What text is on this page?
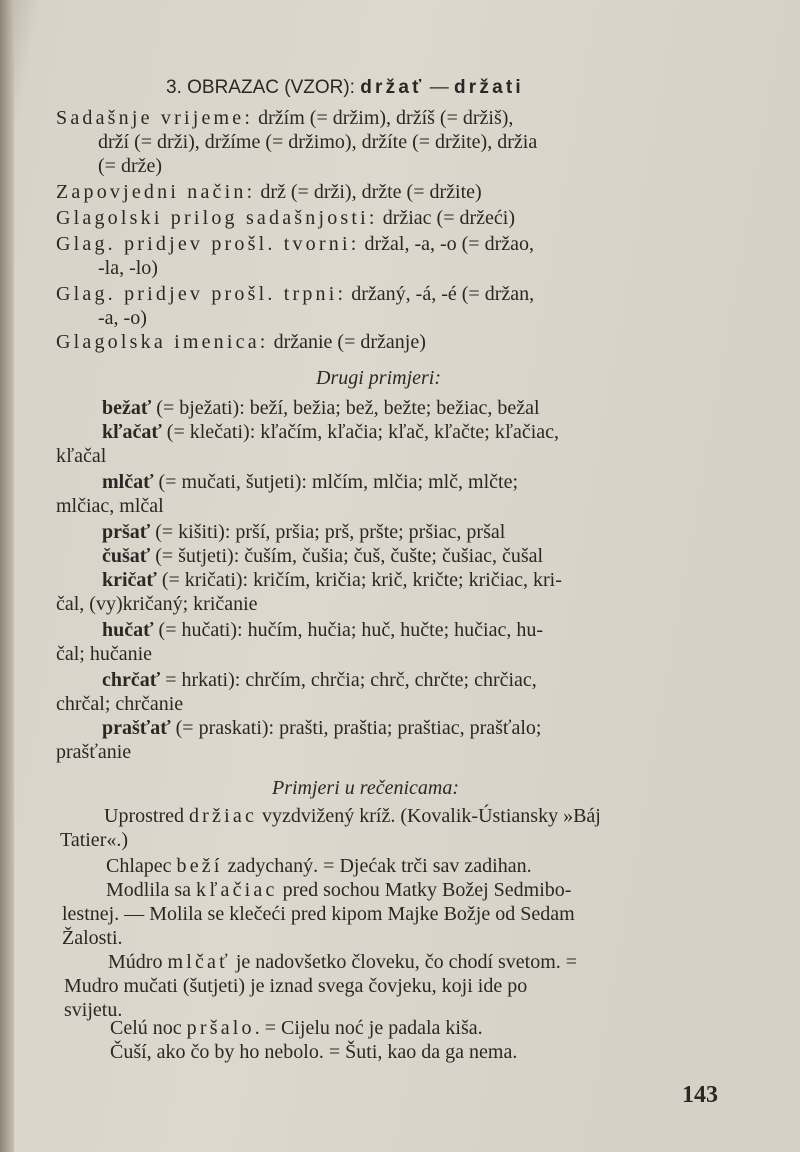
3. OBRAZAC (VZOR): držať — držati
Sadašnje vrijeme: držím (= držim), držíš (= držiš),
drží (= drži), držíme (= držimo), držíte (= držite), držia
(= drže)
Zapovjedni način: drž (= drži), držte (= držite)
Glagolski prilog sadašnjosti: držiac (= držeći)
Glag. pridjev prošl. tvorni: držal, -a, -o (= držao,
-la, -lo)
Glag. pridjev prošl. trpni: držaný, -á, -é (= držan,
-a, -o)
Glagolska imenica: držanie (= držanje)
Drugi primjeri:
bežať (= bježati): beží, bežia; bež, bežte; bežiac, bežal
kľačať (= klečati): kľačím, kľačia; kľač, kľačte; kľačiac,
kľačal
mlčať (= mučati, šutjeti): mlčím, mlčia; mlč, mlčte;
mlčiac, mlčal
pršať (= kišiti): prší, pršia; prš, pršte; pršiac, pršal
čušať (= šutjeti): čuším, čušia; čuš, čušte; čušiac, čušal
kričať (= kričati): kričím, kričia; krič, kričte; kričiac, kri-
čal, (vy)kričaný; kričanie
hučať (= hučati): hučím, hučia; huč, hučte; hučiac, hu-
čal; hučanie
chrčať = hrkati): chrčím, chrčia; chrč, chrčte; chrčiac,
chrčal; chrčanie
prašťať (= praskati): prašti, praštia; praštiac, prašťalo;
prašťanie
Primjeri u rečenicama:
Uprostred držiac vyzdvižený kríž. (Kovalik-Ústiansky »Báj
Tatier«.)
Chlapec beží zadychaný. = Djećak trči sav zadihan.
Modlila sa kľačiac pred sochou Matky Božej Sedmibo-
lestnej. — Molila se klečeći pred kipom Majke Božje od Sedam
Žalosti.
Múdro mlčať je nadovšetko človeku, čo chodí svetom. =
Mudro mučati (šutjeti) je iznad svega čovjeku, koji ide po
svijetu.
Celú noc pršalo. = Cijelu noć je padala kiša.
Čuší, ako čo by ho nebolo. = Šuti, kao da ga nema.
143
